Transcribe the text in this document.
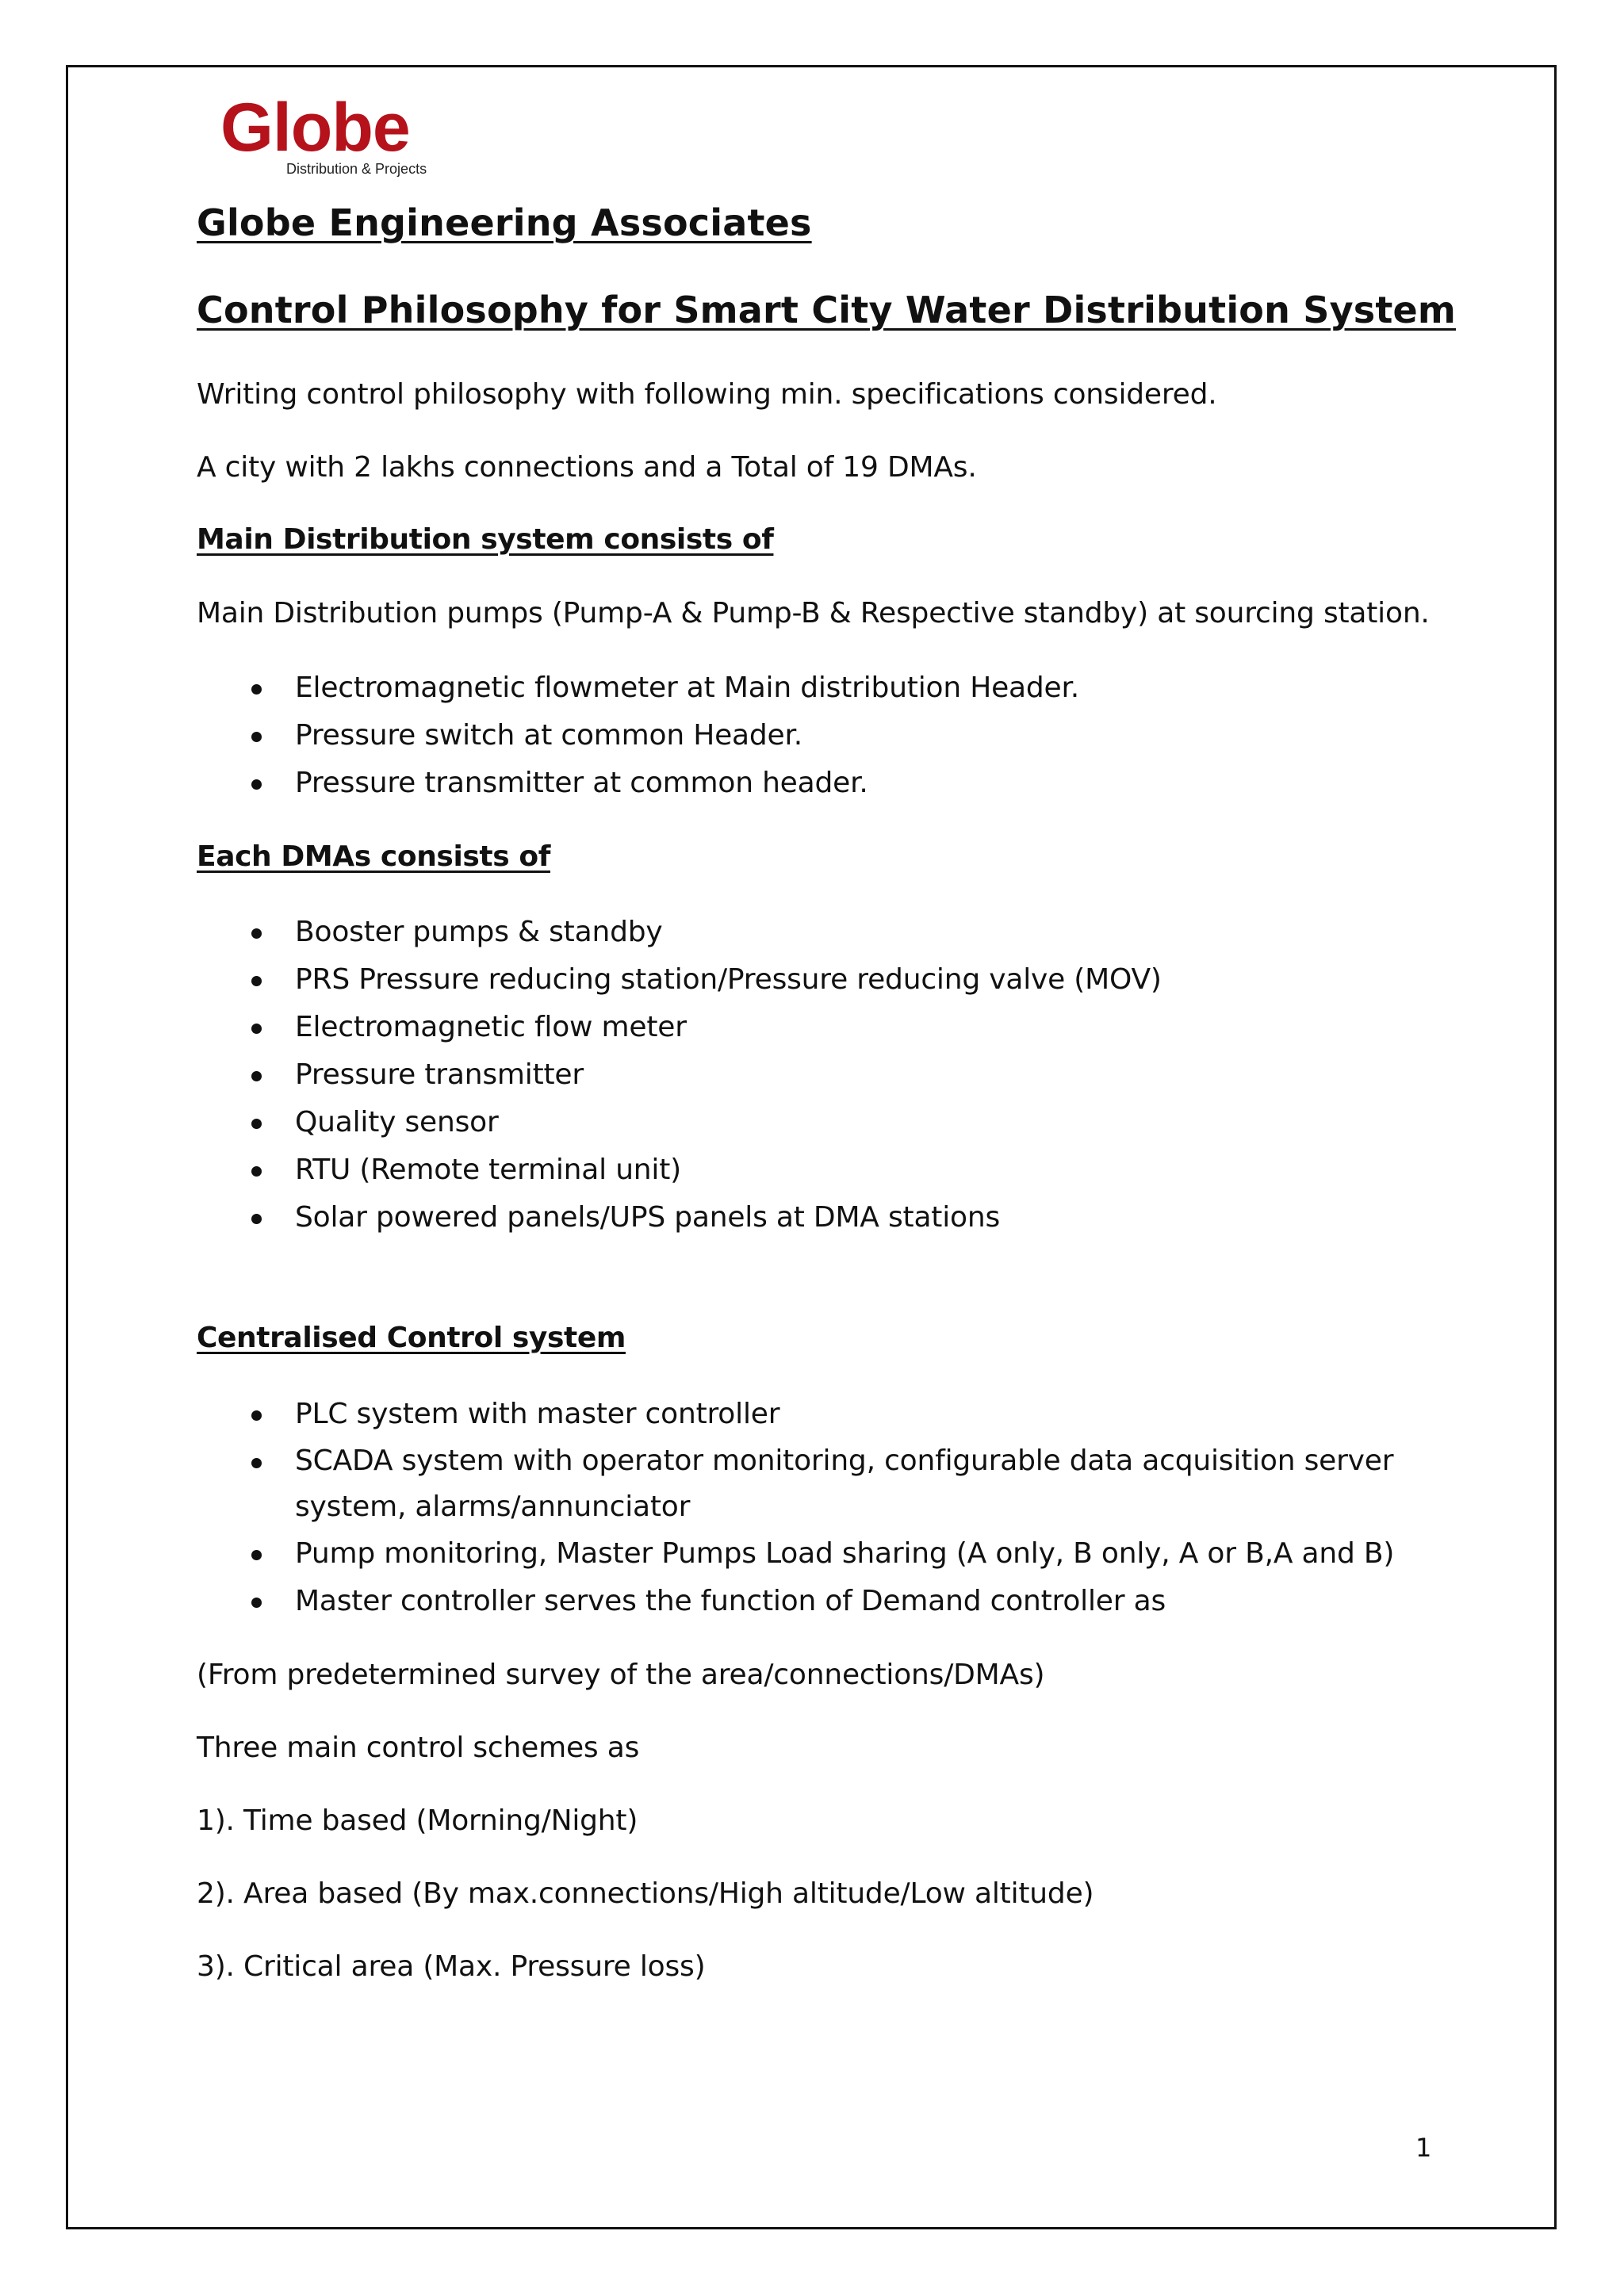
Globe
Distribution & Projects
Globe Engineering Associates
Control Philosophy for Smart City Water Distribution System
Writing control philosophy with following min. specifications considered.
A city with 2 lakhs connections and a Total of 19 DMAs.
Main Distribution system consists of
Main Distribution pumps (Pump-A & Pump-B & Respective standby) at sourcing station.
Electromagnetic flowmeter at Main distribution Header.
Pressure switch at common Header.
Pressure transmitter at common header.
Each DMAs consists of
Booster pumps & standby
PRS Pressure reducing station/Pressure reducing valve (MOV)
Electromagnetic flow meter
Pressure transmitter
Quality sensor
RTU (Remote terminal unit)
Solar powered panels/UPS panels at DMA stations
Centralised Control system
PLC system with master controller
SCADA system with operator monitoring, configurable data acquisition server system, alarms/annunciator
Pump monitoring, Master Pumps Load sharing (A only, B only, A or B,A and B)
Master controller serves the function of Demand controller as
(From predetermined survey of the area/connections/DMAs)
Three main control schemes as
1). Time based (Morning/Night)
2). Area based (By max.connections/High altitude/Low altitude)
3). Critical area (Max. Pressure loss)
1
